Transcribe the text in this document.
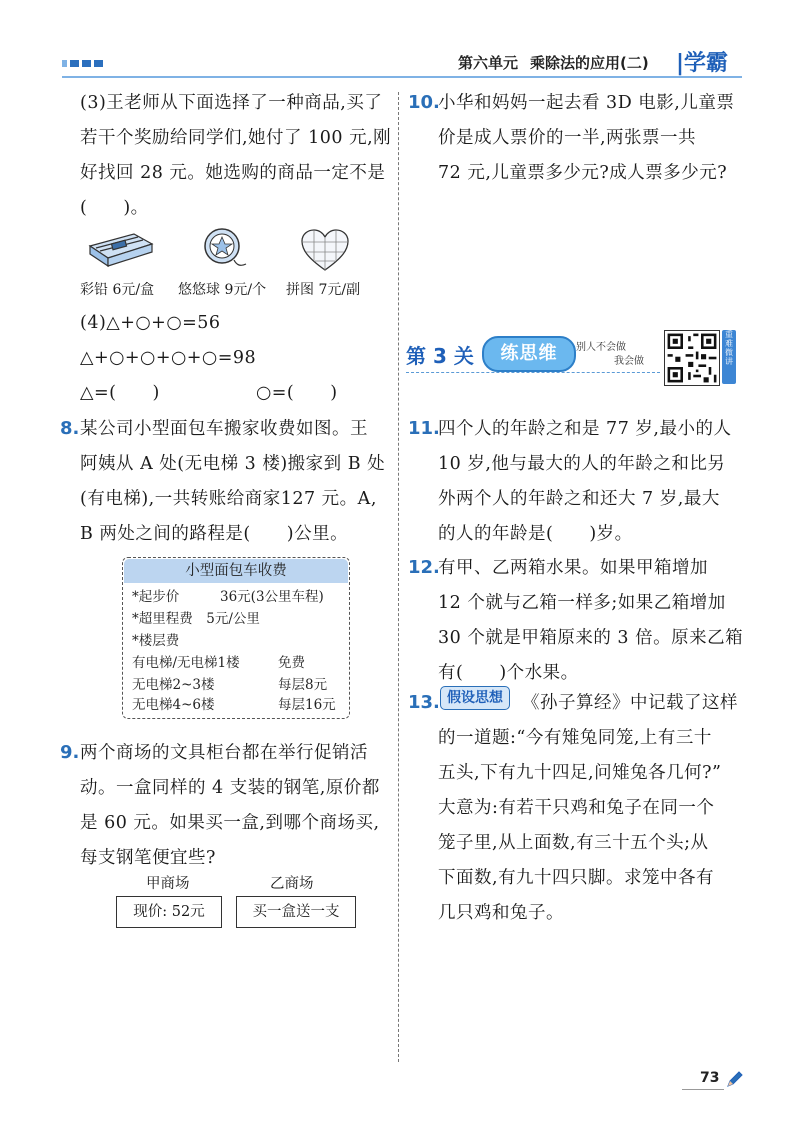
第六单元 乘除法的应用(二) |学霸
(3)王老师从下面选择了一种商品,买了
若干个奖励给同学们,她付了 100 元,刚
好找回 28 元。她选购的商品一定不是
(　　)。
彩铅 6元/盒 悠悠球 9元/个 拼图 7元/副
(4)△+○+○=56
△+○+○+○+○=98
△=(　　)	○=(　　)
8. 某公司小型面包车搬家收费如图。王
阿姨从 A 处(无电梯 3 楼)搬家到 B 处
(有电梯),一共转账给商家127 元。A,
B 两处之间的路程是(　　)公里。
小型面包车收费
*起步价	36元(3公里车程)
*超里程费　5元/公里
*楼层费
有电梯/无电梯1楼	免费
无电梯2~3楼	每层8元
无电梯4~6楼	每层16元
9. 两个商场的文具柜台都在举行促销活
动。一盒同样的 4 支装的钢笔,原价都
是 60 元。如果买一盒,到哪个商场买,
每支钢笔便宜些?
甲商场	乙商场
现价: 52元	买一盒送一支
10.
小华和妈妈一起去看 3D 电影,儿童票
价是成人票价的一半,两张票一共
72 元,儿童票多少元?成人票多少元?
第 3 关	练思维	别人不会做
我会做
重难微讲
11.
四个人的年龄之和是 77 岁,最小的人
10 岁,他与最大的人的年龄之和比另
外两个人的年龄之和还大 7 岁,最大
的人的年龄是(　　)岁。
12.
有甲、乙两箱水果。如果甲箱增加
12 个就与乙箱一样多;如果乙箱增加
30 个就是甲箱原来的 3 倍。原来乙箱
有(　　)个水果。
13. 假设思想	《孙子算经》中记载了这样
的一道题:“今有雉兔同笼,上有三十
五头,下有九十四足,问雉兔各几何?”
大意为:有若干只鸡和兔子在同一个
笼子里,从上面数,有三十五个头;从
下面数,有九十四只脚。求笼中各有
几只鸡和兔子。
73
